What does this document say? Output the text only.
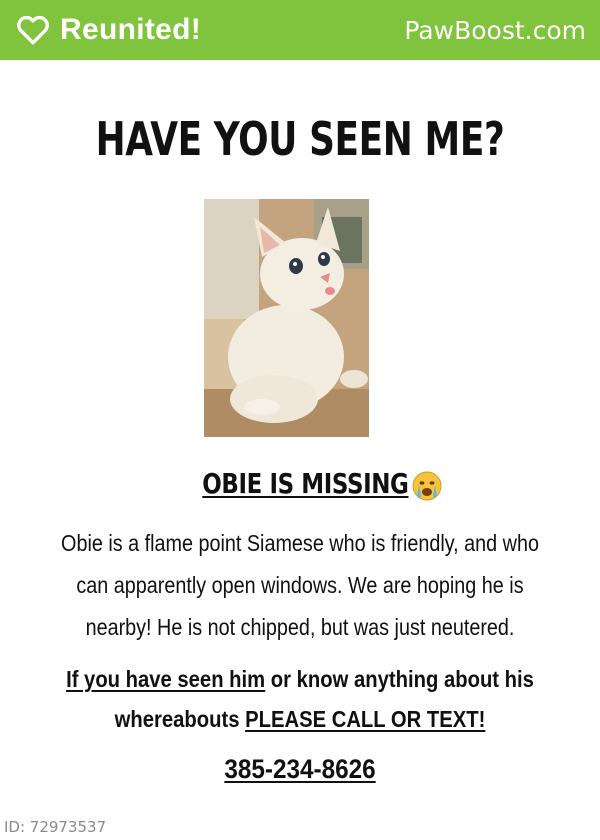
Reunited!	PawBoost.com
HAVE YOU SEEN ME?
OBIE IS MISSING
Obie is a flame point Siamese who is friendly, and who
can apparently open windows. We are hoping he is
nearby! He is not chipped, but was just neutered.
If you have seen him or know anything about his
whereabouts PLEASE CALL OR TEXT!
385-234-8626
ID: 72973537
